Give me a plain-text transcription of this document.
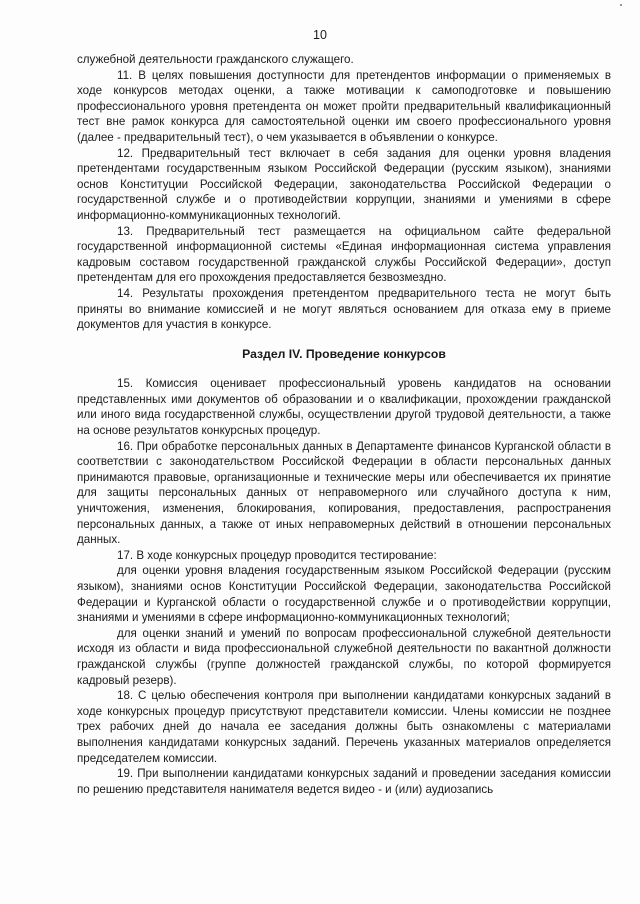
10

служебной деятельности гражданского служащего.

11. В целях повышения доступности для претендентов информации о применяемых в ходе конкурсов методах оценки, а также мотивации к самоподготовке и повышению профессионального уровня претендента он может пройти предварительный квалификационный тест вне рамок конкурса для самостоятельной оценки им своего профессионального уровня (далее - предварительный тест), о чем указывается в объявлении о конкурсе.

12. Предварительный тест включает в себя задания для оценки уровня владения претендентами государственным языком Российской Федерации (русским языком), знаниями основ Конституции Российской Федерации, законодательства Российской Федерации о государственной службе и о противодействии коррупции, знаниями и умениями в сфере информационно-коммуникационных технологий.

13. Предварительный тест размещается на официальном сайте федеральной государственной информационной системы «Единая информационная система управления кадровым составом государственной гражданской службы Российской Федерации», доступ претендентам для его прохождения предоставляется безвозмездно.

14. Результаты прохождения претендентом предварительного теста не могут быть приняты во внимание комиссией и не могут являться основанием для отказа ему в приеме документов для участия в конкурсе.

Раздел IV. Проведение конкурсов

15. Комиссия оценивает профессиональный уровень кандидатов на основании представленных ими документов об образовании и о квалификации, прохождении гражданской или иного вида государственной службы, осуществлении другой трудовой деятельности, а также на основе результатов конкурсных процедур.

16. При обработке персональных данных в Департаменте финансов Курганской области в соответствии с законодательством Российской Федерации в области персональных данных принимаются правовые, организационные и технические меры или обеспечивается их принятие для защиты персональных данных от неправомерного или случайного доступа к ним, уничтожения, изменения, блокирования, копирования, предоставления, распространения персональных данных, а также от иных неправомерных действий в отношении персональных данных.

17. В ходе конкурсных процедур проводится тестирование:

для оценки уровня владения государственным языком Российской Федерации (русским языком), знаниями основ Конституции Российской Федерации, законодательства Российской Федерации и Курганской области о государственной службе и о противодействии коррупции, знаниями и умениями в сфере информационно-коммуникационных технологий;

для оценки знаний и умений по вопросам профессиональной служебной деятельности исходя из области и вида профессиональной служебной деятельности по вакантной должности гражданской службы (группе должностей гражданской службы, по которой формируется кадровый резерв).

18. С целью обеспечения контроля при выполнении кандидатами конкурсных заданий в ходе конкурсных процедур присутствуют представители комиссии. Члены комиссии не позднее трех рабочих дней до начала ее заседания должны быть ознакомлены с материалами выполнения кандидатами конкурсных заданий. Перечень указанных материалов определяется председателем комиссии.

19. При выполнении кандидатами конкурсных заданий и проведении заседания комиссии по решению представителя нанимателя ведется видео - и (или) аудиозапись
